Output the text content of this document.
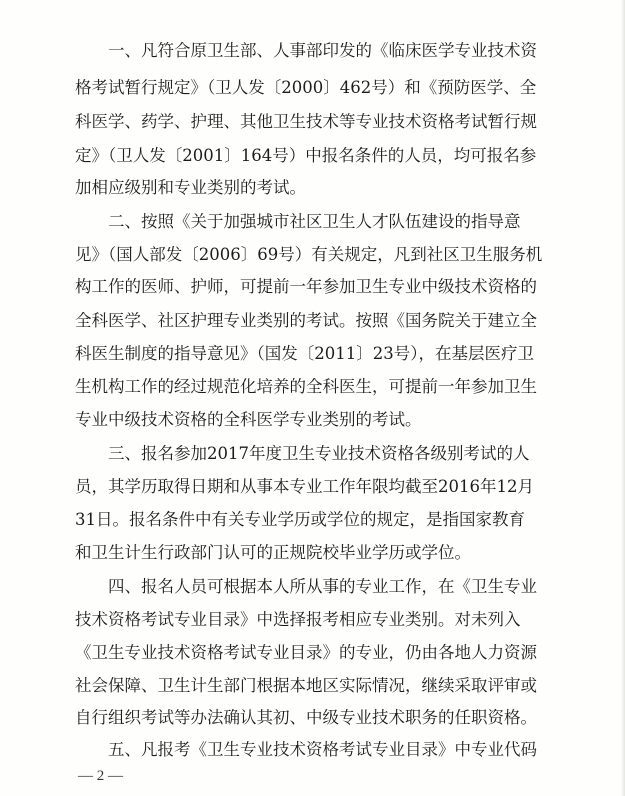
　　一、凡符合原卫生部、人事部印发的《临床医学专业技术资
格考试暂行规定》（卫人发〔2000〕462号）和《预防医学、全
科医学、药学、护理、其他卫生技术等专业技术资格考试暂行规
定》（卫人发〔2001〕164号）中报名条件的人员，均可报名参
加相应级别和专业类别的考试。
　　二、按照《关于加强城市社区卫生人才队伍建设的指导意
见》（国人部发〔2006〕69号）有关规定，凡到社区卫生服务机
构工作的医师、护师，可提前一年参加卫生专业中级技术资格的
全科医学、社区护理专业类别的考试。按照《国务院关于建立全
科医生制度的指导意见》（国发〔2011〕23号），在基层医疗卫
生机构工作的经过规范化培养的全科医生，可提前一年参加卫生
专业中级技术资格的全科医学专业类别的考试。
　　三、报名参加2017年度卫生专业技术资格各级别考试的人
员，其学历取得日期和从事本专业工作年限均截至2016年12月
31日。报名条件中有关专业学历或学位的规定，是指国家教育
和卫生计生行政部门认可的正规院校毕业学历或学位。
　　四、报名人员可根据本人所从事的专业工作，在《卫生专业
技术资格考试专业目录》中选择报考相应专业类别。对未列入
《卫生专业技术资格考试专业目录》的专业，仍由各地人力资源
社会保障、卫生计生部门根据本地区实际情况，继续采取评审或
自行组织考试等办法确认其初、中级专业技术职务的任职资格。
　　五、凡报考《卫生专业技术资格考试专业目录》中专业代码
— 2 —
